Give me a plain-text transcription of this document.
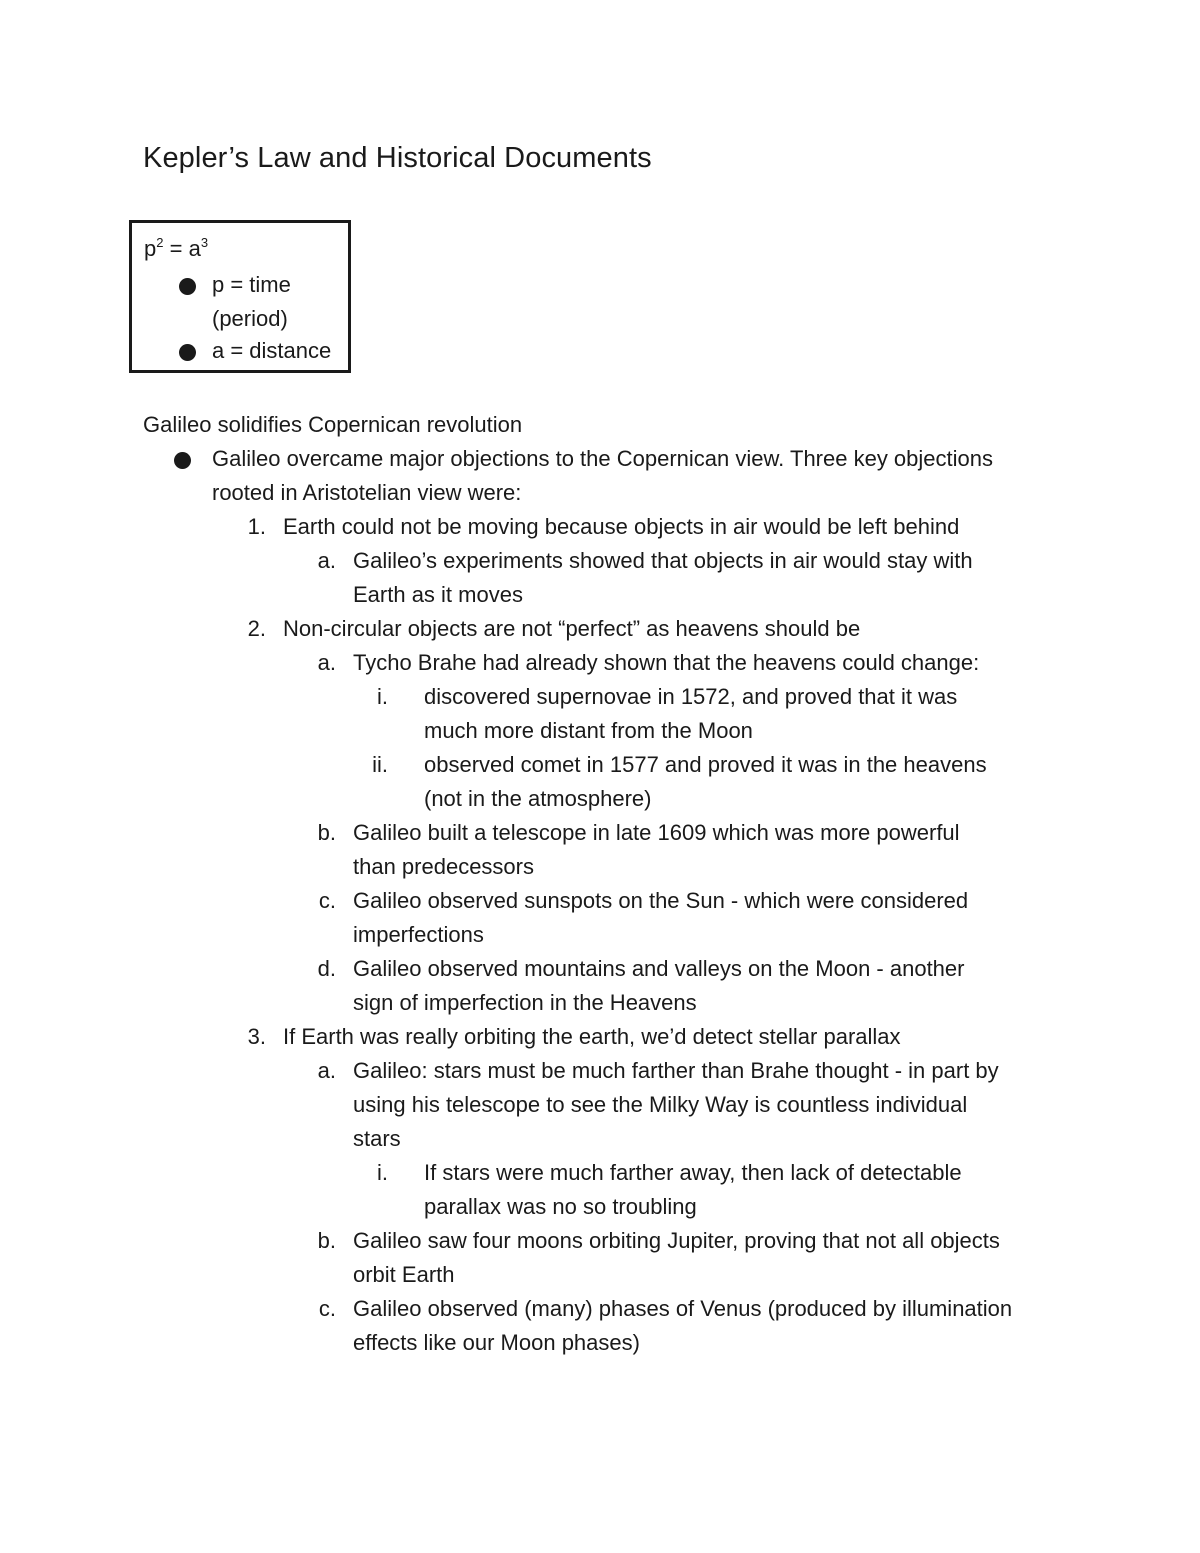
Kepler’s Law and Historical Documents
$p^2 = a^3$
p = time
(period)
a = distance
Galileo solidifies Copernican revolution
Galileo overcame major objections to the Copernican view. Three key objections
rooted in Aristotelian view were:
1. Earth could not be moving because objects in air would be left behind
a. Galileo’s experiments showed that objects in air would stay with
Earth as it moves
2. Non-circular objects are not “perfect” as heavens should be
a. Tycho Brahe had already shown that the heavens could change:
i. discovered supernovae in 1572, and proved that it was
much more distant from the Moon
ii. observed comet in 1577 and proved it was in the heavens
(not in the atmosphere)
b. Galileo built a telescope in late 1609 which was more powerful
than predecessors
c. Galileo observed sunspots on the Sun - which were considered
imperfections
d. Galileo observed mountains and valleys on the Moon - another
sign of imperfection in the Heavens
3. If Earth was really orbiting the earth, we’d detect stellar parallax
a. Galileo: stars must be much farther than Brahe thought - in part by
using his telescope to see the Milky Way is countless individual
stars
i. If stars were much farther away, then lack of detectable
parallax was no so troubling
b. Galileo saw four moons orbiting Jupiter, proving that not all objects
orbit Earth
c. Galileo observed (many) phases of Venus (produced by illumination
effects like our Moon phases)
